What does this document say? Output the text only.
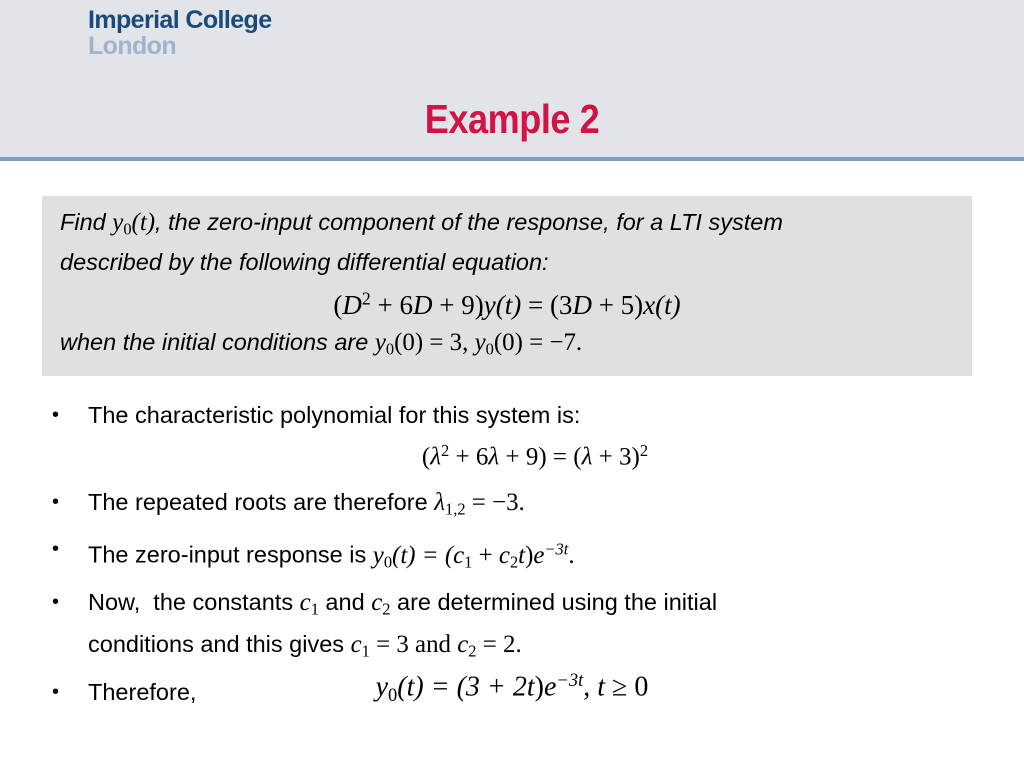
Imperial College
London
Example 2
Find $y_0(t)$, the zero-input component of the response, for a LTI system
described by the following differential equation:
$(D^2 + 6D + 9)y(t) = (3D + 5)x(t)$
when the initial conditions are $y_0(0) = 3$, ˙ $y_0(0) = -7$.
•	The characteristic polynomial for this system is:
$(\lambda^2 + 6\lambda + 9) = (\lambda + 3)^2$
•	The repeated roots are therefore $\lambda_{1,2} = -3$.
•	The zero-input response is $y_0(t) = (c_1 + c_2t)e^{-3t}$.
•	Now,  the constants $c_1$ and $c_2$ are determined using the initial
conditions and this gives $c_1 = 3$ and $c_2 = 2$.
•	Therefore,	$y_0(t) = (3 + 2t)e^{-3t}$, t ≥ 0
